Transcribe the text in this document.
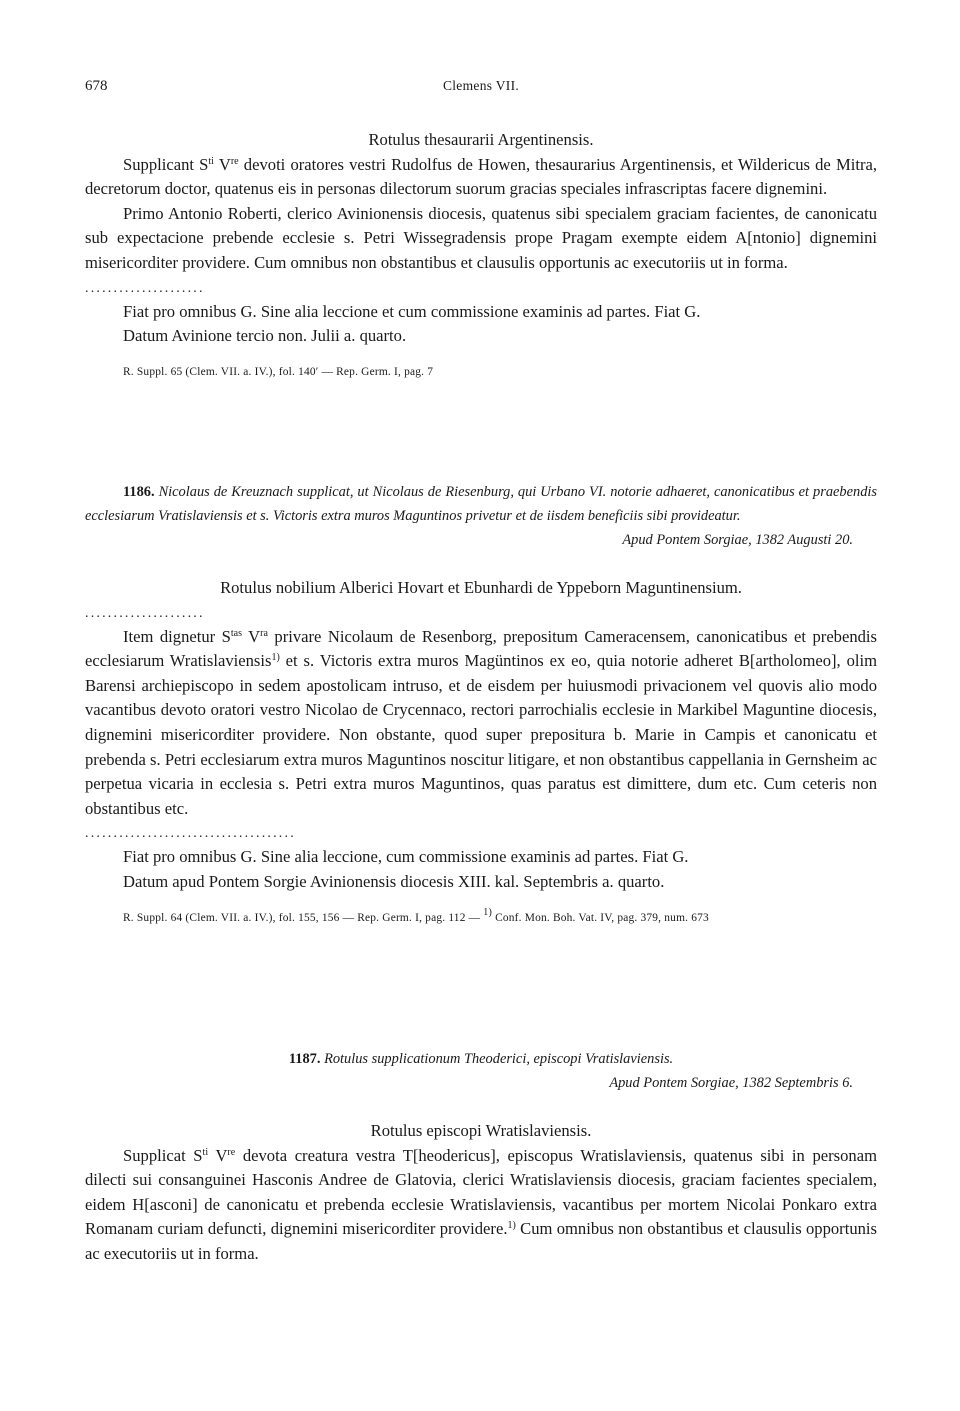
678	Clemens VII.

Rotulus thesaurarii Argentinensis.

Supplicant $S^{ti}$ Vre devoti oratores vestri Rudolfus de Howen, thesaurarius Argentinensis, et Wildericus de Mitra, decretorum doctor, quatenus eis in personas dilectorum suorum gracias speciales infrascriptas facere dignemini.

Primo Antonio Roberti, clerico Avinionensis diocesis, quatenus sibi specialem graciam facientes, de canonicatu sub expectacione prebende ecclesie s. Petri Wissegradensis prope Pragam exempte eidem A[ntonio] dignemini misericorditer providere. Cum omnibus non obstantibus et clausulis opportunis ac executoriis ut in forma.

.....................

Fiat pro omnibus G. Sine alia leccione et cum commissione examinis ad partes. Fiat G.

Datum Avinione tercio non. Julii a. quarto.

R. Suppl. 65 (Clem. VII. a. IV.), fol. 140′ — Rep. Germ. I, pag. 7

1186. Nicolaus de Kreuznach supplicat, ut Nicolaus de Riesenburg, qui Urbano VI. notorie adhaeret, canonicatibus et praebendis ecclesiarum Vratislaviensis et s. Victoris extra muros Maguntinos privetur et de iisdem beneficiis sibi provideatur.

Apud Pontem Sorgiae, 1382 Augusti 20.

Rotulus nobilium Alberici Hovart et Ebunhardi de Yppeborn Maguntinensium.

.....................

Item dignetur $S^{tas}$ $V^{ra}$ privare Nicolaum de Resenborg, prepositum Cameracensem, canonicatibus et prebendis ecclesiarum Wratislaviensis$^{1)}$ et s. Victoris extra muros Magüntinos ex eo, quia notorie adheret B[artholomeo], olim Barensi archiepiscopo in sedem apostolicam intruso, et de eisdem per huiusmodi privacionem vel quovis alio modo vacantibus devoto oratori vestro Nicolao de Crycennaco, rectori parrochialis ecclesie in Markibel Maguntine diocesis, dignemini misericorditer providere. Non obstante, quod super prepositura b. Marie in Campis et canonicatu et prebenda s. Petri ecclesiarum extra muros Maguntinos noscitur litigare, et non obstantibus cappellania in Gernsheim ac perpetua vicaria in ecclesia s. Petri extra muros Maguntinos, quas paratus est dimittere, dum etc. Cum ceteris non obstantibus etc.

.....................................

Fiat pro omnibus G. Sine alia leccione, cum commissione examinis ad partes. Fiat G.

Datum apud Pontem Sorgie Avinionensis diocesis XIII. kal. Septembris a. quarto.

R. Suppl. 64 (Clem. VII. a. IV.), fol. 155, 156 — Rep. Germ. I, pag. 112 — $^{1)}$ Conf. Mon. Boh. Vat. IV, pag. 379, num. 673

1187. Rotulus supplicationum Theoderici, episcopi Vratislaviensis.

Apud Pontem Sorgiae, 1382 Septembris 6.

Rotulus episcopi Wratislaviensis.

Supplicat $S^{ti}$ Vre devota creatura vestra T[heodericus], episcopus Wratislaviensis, quatenus sibi in personam dilecti sui consanguinei Hasconis Andree de Glatovia, clerici Wratislaviensis diocesis, graciam facientes specialem, eidem H[asconi] de canonicatu et prebenda ecclesie Wratislaviensis, vacantibus per mortem Nicolai Ponkaro extra Romanam curiam defuncti, dignemini misericorditer providere.$^{1)}$ Cum omnibus non obstantibus et clausulis opportunis ac executoriis ut in forma.
